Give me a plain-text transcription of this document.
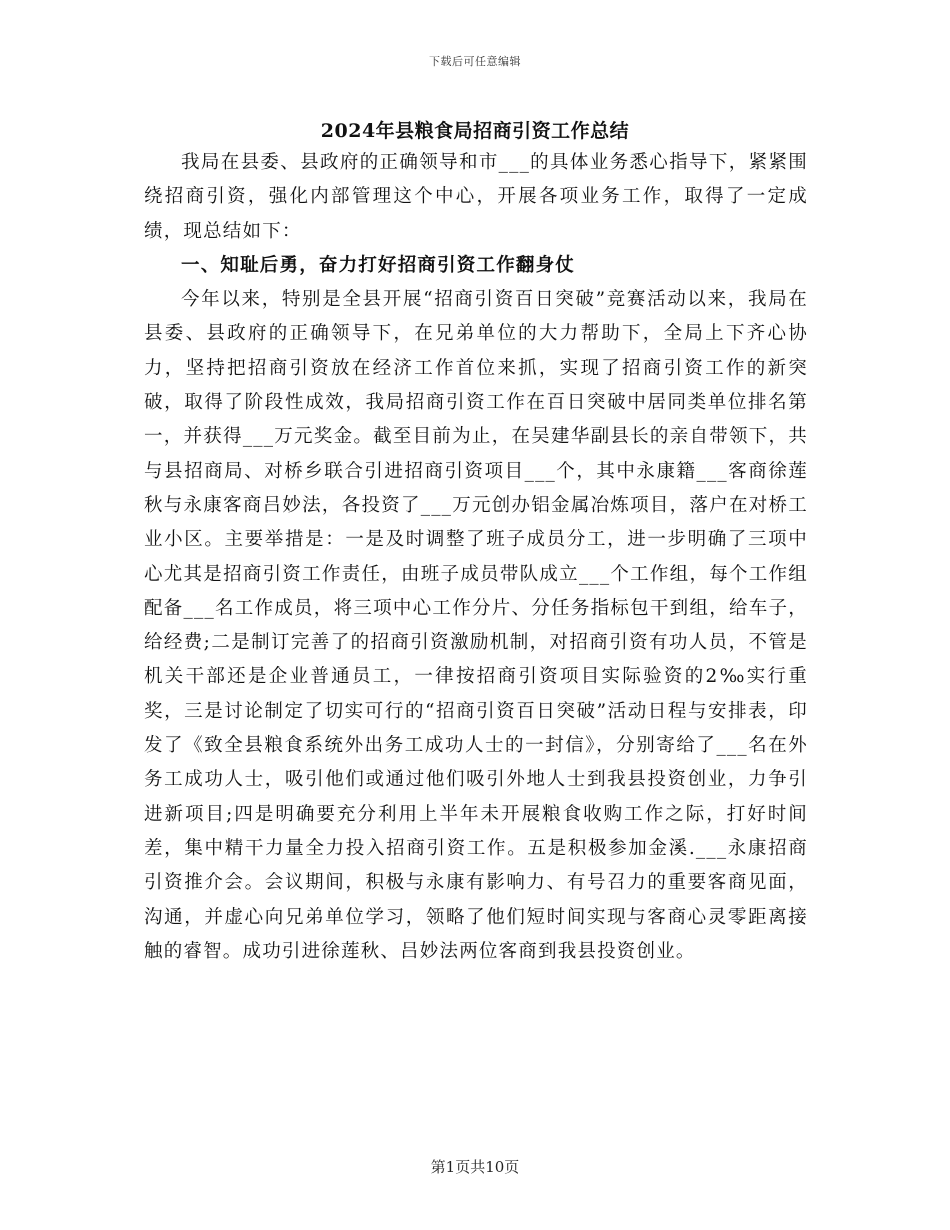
下载后可任意编辑
2024年县粮食局招商引资工作总结

我局在县委、县政府的正确领导和市___的具体业务悉心指导下，紧紧围绕招商引资，强化内部管理这个中心，开展各项业务工作，取得了一定成绩，现总结如下：

一、知耻后勇，奋力打好招商引资工作翻身仗

今年以来，特别是全县开展“招商引资百日突破”竞赛活动以来，我局在县委、县政府的正确领导下，在兄弟单位的大力帮助下，全局上下齐心协力，坚持把招商引资放在经济工作首位来抓，实现了招商引资工作的新突破，取得了阶段性成效，我局招商引资工作在百日突破中居同类单位排名第一，并获得___万元奖金。截至目前为止，在吴建华副县长的亲自带领下，共与县招商局、对桥乡联合引进招商引资项目___个，其中永康籍___客商徐莲秋与永康客商吕妙法，各投资了___万元创办铝金属冶炼项目，落户在对桥工业小区。主要举措是：一是及时调整了班子成员分工，进一步明确了三项中心尤其是招商引资工作责任，由班子成员带队成立___个工作组，每个工作组配备___名工作成员，将三项中心工作分片、分任务指标包干到组，给车子，给经费;二是制订完善了的招商引资激励机制，对招商引资有功人员，不管是机关干部还是企业普通员工，一律按招商引资项目实际验资的2‰实行重奖，三是讨论制定了切实可行的“招商引资百日突破”活动日程与安排表，印发了《致全县粮食系统外出务工成功人士的一封信》，分别寄给了___名在外务工成功人士，吸引他们或通过他们吸引外地人士到我县投资创业，力争引进新项目;四是明确要充分利用上半年未开展粮食收购工作之际，打好时间差，集中精干力量全力投入招商引资工作。五是积极参加金溪.___永康招商引资推介会。会议期间，积极与永康有影响力、有号召力的重要客商见面，沟通，并虚心向兄弟单位学习，领略了他们短时间实现与客商心灵零距离接触的睿智。成功引进徐莲秋、吕妙法两位客商到我县投资创业。

第1页共10页
